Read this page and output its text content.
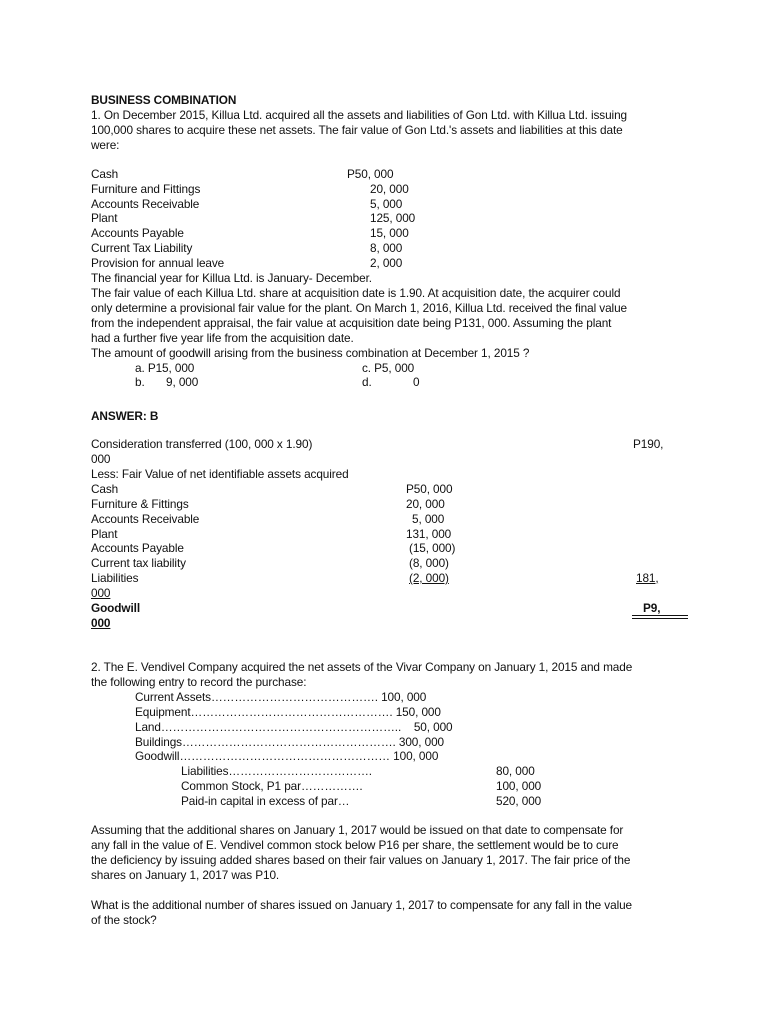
BUSINESS COMBINATION
1. On December 2015, Killua Ltd. acquired all the assets and liabilities of Gon Ltd. with Killua Ltd. issuing
100,000 shares to acquire these net assets. The fair value of Gon Ltd.'s assets and liabilities at this date
were:
Cash	P50, 000
Furniture and Fittings	20, 000
Accounts Receivable	5, 000
Plant	125, 000
Accounts Payable	15, 000
Current Tax Liability	8, 000
Provision for annual leave	2, 000
The financial year for Killua Ltd. is January- December.
The fair value of each Killua Ltd. share at acquisition date is 1.90. At acquisition date, the acquirer could
only determine a provisional fair value for the plant. On March 1, 2016, Killua Ltd. received the final value
from the independent appraisal, the fair value at acquisition date being P131, 000. Assuming the plant
had a further five year life from the acquisition date.
The amount of goodwill arising from the business combination at December 1, 2015 ?
a. P15, 000	c. P5, 000
b. 9, 000	d.	0
ANSWER: B
Consideration transferred (100, 000 x 1.90)	P190,
000
Less: Fair Value of net identifiable assets acquired
Cash	P50, 000
Furniture & Fittings	20, 000
Accounts Receivable	5, 000
Plant	131, 000
Accounts Payable	(15, 000)
Current tax liability	(8, 000)
Liabilities	(2, 000)	181,
000
Goodwill	P9,
000
2. The E. Vendivel Company acquired the net assets of the Vivar Company on January 1, 2015 and made
the following entry to record the purchase:
Current Assets……………………………………. 100, 000
Equipment……………………………………………. 150, 000
Land……………………………………………………..    50, 000
Buildings………………………………………………. 300, 000
Goodwill……………………………………………… 100, 000
Liabilities……………………………….	80, 000
Common Stock, P1 par…………….	100, 000
Paid-in capital in excess of par…	520, 000
Assuming that the additional shares on January 1, 2017 would be issued on that date to compensate for
any fall in the value of E. Vendivel common stock below P16 per share, the settlement would be to cure
the deficiency by issuing added shares based on their fair values on January 1, 2017. The fair price of the
shares on January 1, 2017 was P10.
What is the additional number of shares issued on January 1, 2017 to compensate for any fall in the value
of the stock?
